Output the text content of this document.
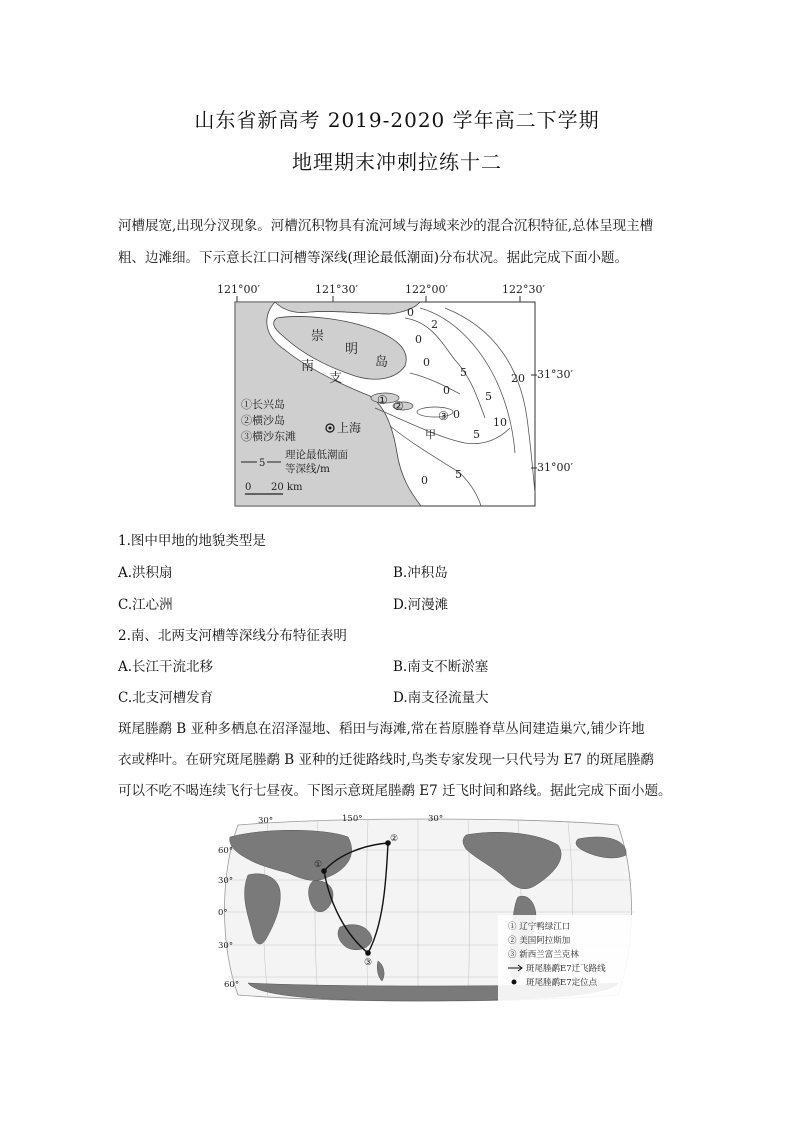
山东省新高考 2019-2020 学年高二下学期
地理期末冲刺拉练十二
河槽展宽,出现分汊现象。河槽沉积物具有流河域与海域来沙的混合沉积特征,总体呈现主槽
粗、边滩细。下示意长江口河槽等深线(理论最低潮面)分布状况。据此完成下面小题。
121°00′	121°30′	122°00′	122°30′
31°30′
31°00′
崇
明
岛
南
支
上海	甲
① ②
③
0
2
0
5
0
0
5
10
20
0	5
0 5
①长兴岛
②横沙岛
③横沙东滩
5
理论最低潮面
等深线/m
0 20 km
1.图中甲地的地貌类型是
A.洪积扇	B.冲积岛
C.江心洲	D.河漫滩
2.南、北两支河槽等深线分布特征表明
A.长江干流北移	B.南支不断淤塞
C.北支河槽发育	D.南支径流量大
斑尾塍鹬 B 亚种多栖息在沼泽湿地、稻田与海滩,常在苔原塍脊草丛间建造巢穴,铺少许地
衣或桦叶。在研究斑尾塍鹬 B 亚种的迁徙路线时,鸟类专家发现一只代号为 E7 的斑尾塍鹬
可以不吃不喝连续飞行七昼夜。下图示意斑尾塍鹬 E7 迁飞时间和路线。据此完成下面小题。
①
②
③
30°	150°	30°
60°
30°
0°
30°
60°
① 辽宁鸭绿江口
② 美国阿拉斯加
③ 新西兰富兰克林
斑尾塍鹬E7迁飞路线
斑尾塍鹬E7定位点
